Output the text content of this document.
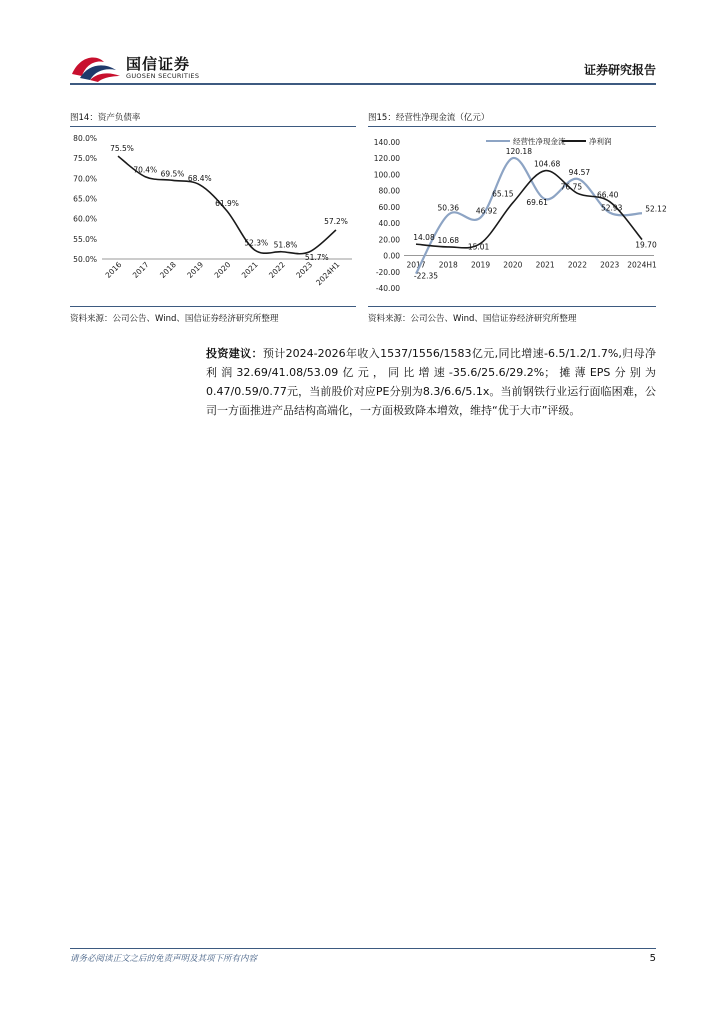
国信证券
GUOSEN SECURITIES	证券研究报告
图14：资产负债率
80.0%
75.0%
70.0%
65.0%
60.0%
55.0%
50.0%
2016 2017 2018 2019 2020 2021 2022 2023 2024H1
75.5%
70.4% 69.5% 68.4%
61.9%
52.3% 51.8%
51.7%
57.2%
资料来源：公司公告、Wind、国信证券经济研究所整理
图15：经营性净现金流（亿元）
140.00
120.00
100.00
80.00
60.00
40.00
20.00
0.00
-20.00
-40.00
2017 2018 2019 2020 2021 2022 2023 2024H1
经营性净现金流	净利润
-22.35
50.36 46.92
120.18
69.61
94.57
52.93	52.12
14.08 10.68
15.01
65.15
104.68
76.75
66.40
19.70
资料来源：公司公告、Wind、国信证券经济研究所整理
投资建议：预计2024-2026年收入1537/1556/1583亿元,同比增速-6.5/1.2/1.7%,归母净利润32.69/41.08/53.09亿元，同比增速-35.6/25.6/29.2%；摊薄EPS分别为0.47/0.59/0.77元，当前股价对应PE分别为8.3/6.6/5.1x。当前钢铁行业运行面临困难，公司一方面推进产品结构高端化，一方面极致降本增效，维持“优于大市”评级。
请务必阅读正文之后的免责声明及其项下所有内容	5
